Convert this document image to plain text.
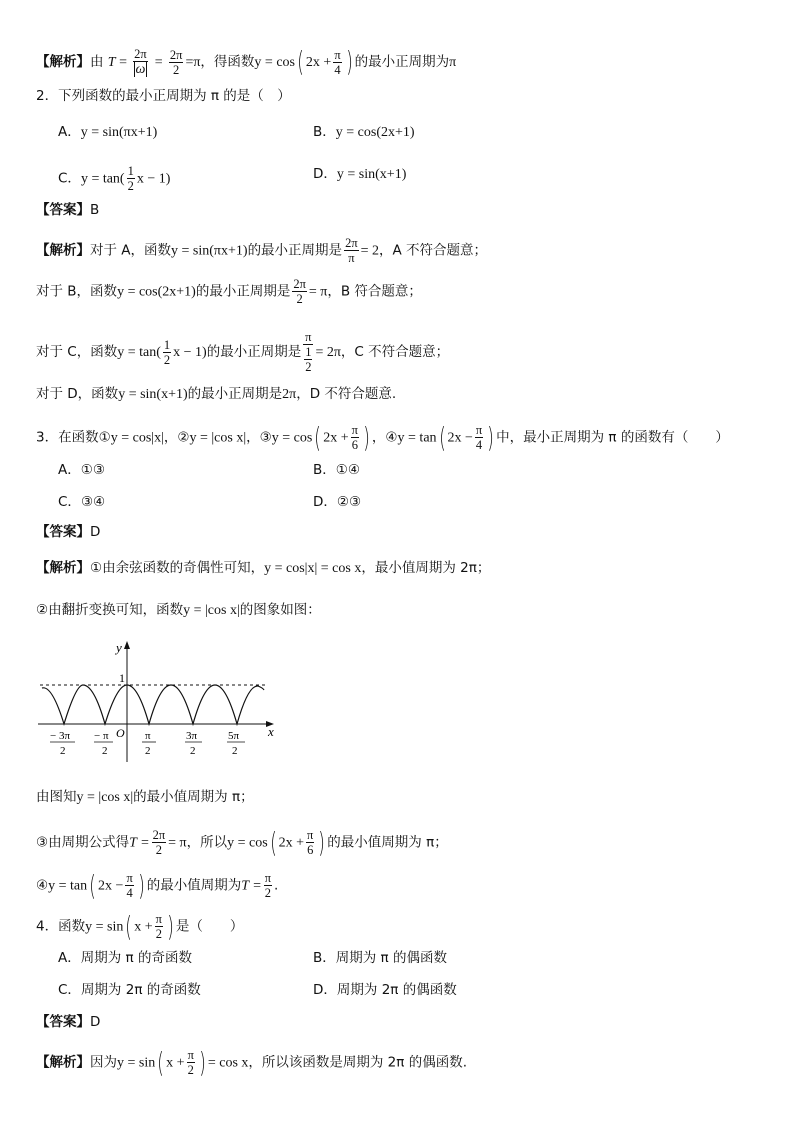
【解析】由 $T = \frac{2\pi}{\omega} = \frac{2\pi}{2} =\pi$，得函数y = cos( $2x + \frac{\pi}{4}$ ) 的最小正周期为π
2．下列函数的最小正周期为 π 的是（　）
A．y = sin(πx+1)	B．y = cos(2x+1)
C．$y = \tan( \frac{1}{2}$ x − 1)	D．y = sin(x+1)
【答案】B
【解析】对于 A，函数y = sin(πx+1)的最小正周期是 $\frac{2\pi}{\pi} = 2$，A 不符合题意；
对于 B，函数y = cos(2x+1)的最小正周期是 $\frac{2\pi}{2} = \pi$，B 符合题意；
对于 C，函数$y = \tan( \frac{1}{2}$ x − 1)的最小正周期是 $\frac{\pi}{\frac{1}{2}} = 2\pi$，C 不符合题意；
对于 D，函数y = sin(x+1)的最小正周期是2π，D 不符合题意.
3．在函数①y = cos|x|，②y = |cos x|，③y = cos( $2x + \frac{\pi}{6}$ ) ，④y = tan( $2x - \frac{\pi}{4}$ ) 中，最小正周期为 π 的函数有（　　）
A．①③	B．①④
C．③④	D．②③
【答案】D
【解析】①由余弦函数的奇偶性可知，y = cos|x| = cos x，最小值周期为 2π；
②由翻折变换可知，函数y = |cos x|的图象如图：
y
x
1
O
− 3π
2
− π
2
π
2
3π
2
5π
2
由图知y = |cos x|的最小值周期为 π；
③由周期公式得$T = \frac{2\pi}{2} = \pi$，所以y = cos( $2x + \frac{\pi}{6}$ ) 的最小值周期为 π；
④y = tan( $2x - \frac{\pi}{4}$ ) 的最小值周期为$T = \frac{\pi}{2}$ .
4．函数y = sin( $x + \frac{\pi}{2}$ ) 是（　　）
A．周期为 π 的奇函数	B．周期为 π 的偶函数
C．周期为 2π 的奇函数	D．周期为 2π 的偶函数
【答案】D
【解析】因为y = sin( $x + \frac{\pi}{2}$ ) = cos x，所以该函数是周期为 2π 的偶函数.
